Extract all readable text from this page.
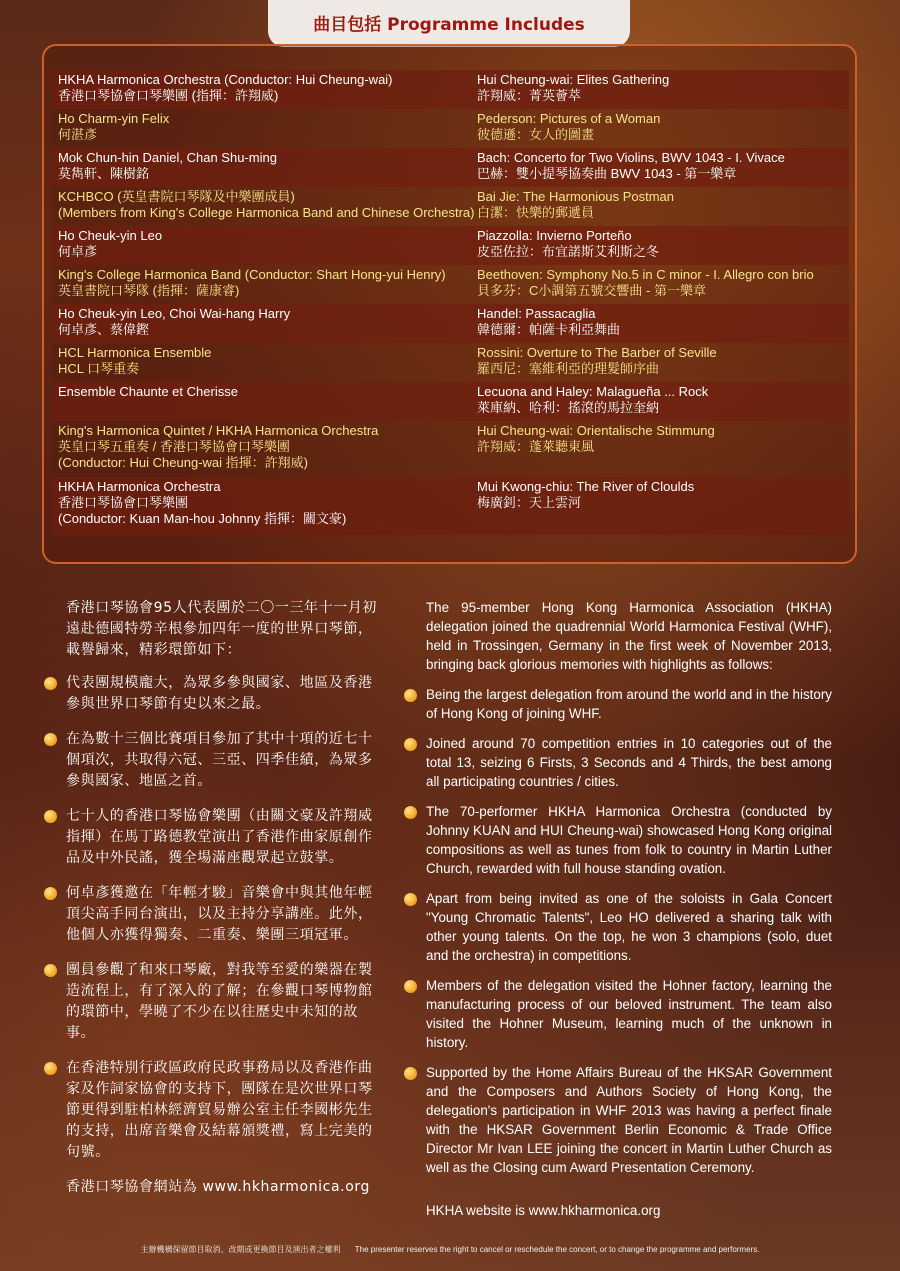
曲目包括 Programme Includes
HKHA Harmonica Orchestra (Conductor: Hui Cheung-wai)
香港口琴協會口琴樂團 (指揮：許翔威)
Hui Cheung-wai: Elites Gathering
許翔威：菁英薈萃
Ho Charm-yin Felix
何湛彥
Pederson: Pictures of a Woman
彼德遜：女人的圖畫
Mok Chun-hin Daniel, Chan Shu-ming
莫雋軒、陳樹銘
Bach: Concerto for Two Violins, BWV 1043 - I. Vivace
巴赫：雙小提琴協奏曲 BWV 1043 - 第一樂章
KCHBCO (英皇書院口琴隊及中樂團成員)
(Members from King's College Harmonica Band and Chinese Orchestra)
Bai Jie: The Harmonious Postman
白潔：快樂的郵遞員
Ho Cheuk-yin Leo
何卓彥
Piazzolla: Invierno Porteño
皮亞佐拉：布宜諾斯艾利斯之冬
King's College Harmonica Band (Conductor: Shart Hong-yui Henry)
英皇書院口琴隊 (指揮：薩康睿)
Beethoven: Symphony No.5 in C minor - I. Allegro con brio
貝多芬：C小調第五號交響曲 - 第一樂章
Ho Cheuk-yin Leo, Choi Wai-hang Harry
何卓彥、蔡偉鏗
Handel: Passacaglia
韓德爾：帕薩卡利亞舞曲
HCL Harmonica Ensemble
HCL 口琴重奏
Rossini: Overture to The Barber of Seville
羅西尼：塞維利亞的理髮師序曲
Ensemble Chaunte et Cherisse	Lecuona and Haley: Malagueña ... Rock
萊庫納、哈利：搖滾的馬拉奎納
King's Harmonica Quintet / HKHA Harmonica Orchestra
英皇口琴五重奏 / 香港口琴協會口琴樂團
(Conductor: Hui Cheung-wai 指揮：許翔威)
Hui Cheung-wai: Orientalische Stimmung
許翔威：蓬萊聽東風
HKHA Harmonica Orchestra
香港口琴協會口琴樂團
(Conductor: Kuan Man-hou Johnny 指揮：關文豪)
Mui Kwong-chiu: The River of Cloulds
梅廣釗：天上雲河

香港口琴協會95人代表團於二〇一三年十一月初遠赴德國特勞辛根參加四年一度的世界口琴節，載譽歸來，精彩環節如下：

代表團規模龐大，為眾多參與國家、地區及香港參與世界口琴節有史以來之最。

在為數十三個比賽項目參加了其中十項的近七十個項次，共取得六冠、三亞、四季佳績，為眾多參與國家、地區之首。

七十人的香港口琴協會樂團（由關文豪及許翔威指揮）在馬丁路德教堂演出了香港作曲家原創作品及中外民謠，獲全場滿座觀眾起立鼓掌。

何卓彥獲邀在「年輕才駿」音樂會中與其他年輕頂尖高手同台演出，以及主持分享講座。此外，他個人亦獲得獨奏、二重奏、樂團三項冠軍。

團員參觀了和來口琴廠，對我等至愛的樂器在製造流程上，有了深入的了解；在參觀口琴博物館的環節中，學曉了不少在以往歷史中未知的故事。

在香港特別行政區政府民政事務局以及香港作曲家及作詞家協會的支持下，團隊在是次世界口琴節更得到駐柏林經濟貿易辦公室主任李國彬先生的支持，出席音樂會及結幕頒獎禮，寫上完美的句號。

香港口琴協會網站為 www.hkharmonica.org

The 95-member Hong Kong Harmonica Association (HKHA) delegation joined the quadrennial World Harmonica Festival (WHF), held in Trossingen, Germany in the first week of November 2013, bringing back glorious memories with highlights as follows:

Being the largest delegation from around the world and in the history of Hong Kong of joining WHF.

Joined around 70 competition entries in 10 categories out of the total 13, seizing 6 Firsts, 3 Seconds and 4 Thirds, the best among all participating countries / cities.

The 70-performer HKHA Harmonica Orchestra (conducted by Johnny KUAN and HUI Cheung-wai) showcased Hong Kong original compositions as well as tunes from folk to country in Martin Luther Church, rewarded with full house standing ovation.

Apart from being invited as one of the soloists in Gala Concert "Young Chromatic Talents", Leo HO delivered a sharing talk with other young talents. On the top, he won 3 champions (solo, duet and the orchestra) in competitions.

Members of the delegation visited the Hohner factory, learning the manufacturing process of our beloved instrument. The team also visited the Hohner Museum, learning much of the unknown in history.

Supported by the Home Affairs Bureau of the HKSAR Government and the Composers and Authors Society of Hong Kong, the delegation's participation in WHF 2013 was having a perfect finale with the HKSAR Government Berlin Economic & Trade Office Director Mr Ivan LEE joining the concert in Martin Luther Church as well as the Closing cum Award Presentation Ceremony.

HKHA website is www.hkharmonica.org

主辦機構保留節目取消、改期或更換節目及演出者之權利 The presenter reserves the right to cancel or reschedule the concert, or to change the programme and performers.
